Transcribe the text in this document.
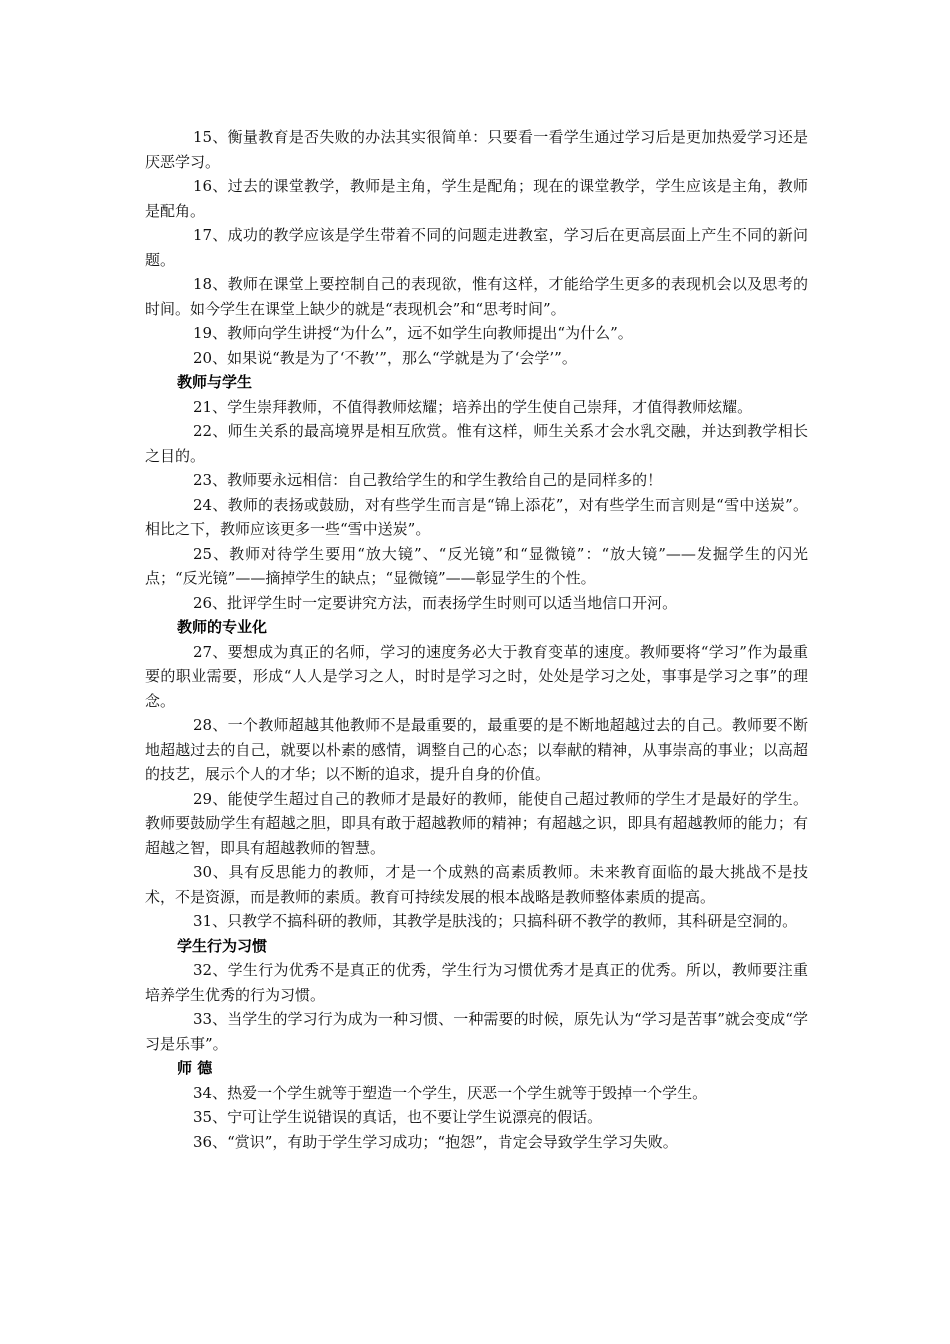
15、衡量教育是否失败的办法其实很简单：只要看一看学生通过学习后是更加热爱学习还是厌恶学习。

16、过去的课堂教学，教师是主角，学生是配角；现在的课堂教学，学生应该是主角，教师是配角。

17、成功的教学应该是学生带着不同的问题走进教室，学习后在更高层面上产生不同的新问题。

18、教师在课堂上要控制自己的表现欲，惟有这样，才能给学生更多的表现机会以及思考的时间。如今学生在课堂上缺少的就是“表现机会”和“思考时间”。

19、教师向学生讲授“为什么”，远不如学生向教师提出“为什么”。

20、如果说“教是为了‘不教’”，那么“学就是为了‘会学’”。

教师与学生

21、学生崇拜教师，不值得教师炫耀；培养出的学生使自己崇拜，才值得教师炫耀。

22、师生关系的最高境界是相互欣赏。惟有这样，师生关系才会水乳交融，并达到教学相长之目的。

23、教师要永远相信：自己教给学生的和学生教给自己的是同样多的！

24、教师的表扬或鼓励，对有些学生而言是“锦上添花”，对有些学生而言则是“雪中送炭”。相比之下，教师应该更多一些“雪中送炭”。

25、教师对待学生要用“放大镜”、“反光镜”和“显微镜”：“放大镜”——发掘学生的闪光点；“反光镜”——摘掉学生的缺点；“显微镜”——彰显学生的个性。

26、批评学生时一定要讲究方法，而表扬学生时则可以适当地信口开河。

教师的专业化

27、要想成为真正的名师，学习的速度务必大于教育变革的速度。教师要将“学习”作为最重要的职业需要，形成“人人是学习之人，时时是学习之时，处处是学习之处，事事是学习之事”的理念。

28、一个教师超越其他教师不是最重要的，最重要的是不断地超越过去的自己。教师要不断地超越过去的自己，就要以朴素的感情，调整自己的心态；以奉献的精神，从事崇高的事业；以高超的技艺，展示个人的才华；以不断的追求，提升自身的价值。

29、能使学生超过自己的教师才是最好的教师，能使自己超过教师的学生才是最好的学生。教师要鼓励学生有超越之胆，即具有敢于超越教师的精神；有超越之识，即具有超越教师的能力；有超越之智，即具有超越教师的智慧。

30、具有反思能力的教师，才是一个成熟的高素质教师。未来教育面临的最大挑战不是技术，不是资源，而是教师的素质。教育可持续发展的根本战略是教师整体素质的提高。

31、只教学不搞科研的教师，其教学是肤浅的；只搞科研不教学的教师，其科研是空洞的。

学生行为习惯

32、学生行为优秀不是真正的优秀，学生行为习惯优秀才是真正的优秀。所以，教师要注重培养学生优秀的行为习惯。

33、当学生的学习行为成为一种习惯、一种需要的时候，原先认为“学习是苦事”就会变成“学习是乐事”。

师 德

34、热爱一个学生就等于塑造一个学生，厌恶一个学生就等于毁掉一个学生。

35、宁可让学生说错误的真话，也不要让学生说漂亮的假话。

36、“赏识”，有助于学生学习成功；“抱怨”，肯定会导致学生学习失败。
